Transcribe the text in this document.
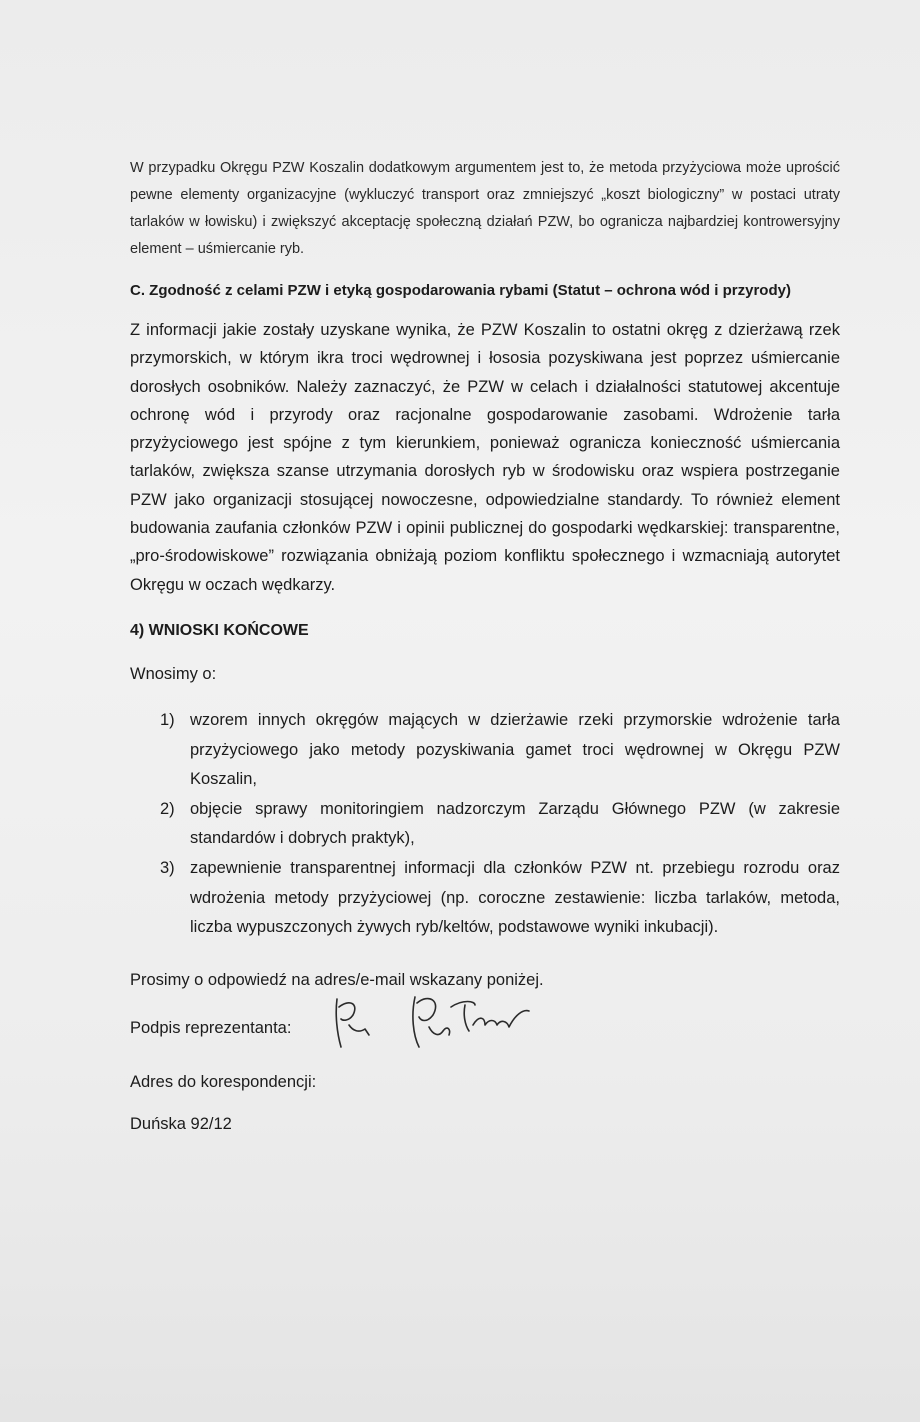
W przypadku Okręgu PZW Koszalin dodatkowym argumentem jest to, że metoda przyżyciowa może uprościć pewne elementy organizacyjne (wykluczyć transport oraz zmniejszyć „koszt biologiczny” w postaci utraty tarlaków w łowisku) i zwiększyć akceptację społeczną działań PZW, bo ogranicza najbardziej kontrowersyjny element – uśmiercanie ryb.

C. Zgodność z celami PZW i etyką gospodarowania rybami (Statut – ochrona wód i przyrody)

Z informacji jakie zostały uzyskane wynika, że PZW Koszalin to ostatni okręg z dzierżawą rzek przymorskich, w którym ikra troci wędrownej i łososia pozyskiwana jest poprzez uśmiercanie dorosłych osobników. Należy zaznaczyć, że PZW w celach i działalności statutowej akcentuje ochronę wód i przyrody oraz racjonalne gospodarowanie zasobami. Wdrożenie tarła przyżyciowego jest spójne z tym kierunkiem, ponieważ ogranicza konieczność uśmiercania tarlaków, zwiększa szanse utrzymania dorosłych ryb w środowisku oraz wspiera postrzeganie PZW jako organizacji stosującej nowoczesne, odpowiedzialne standardy. To również element budowania zaufania członków PZW i opinii publicznej do gospodarki wędkarskiej: transparentne, „pro-środowiskowe” rozwiązania obniżają poziom konfliktu społecznego i wzmacniają autorytet Okręgu w oczach wędkarzy.

4) WNIOSKI KOŃCOWE

Wnosimy o:

1) wzorem innych okręgów mających w dzierżawie rzeki przymorskie wdrożenie tarła przyżyciowego jako metody pozyskiwania gamet troci wędrownej w Okręgu PZW Koszalin,
2) objęcie sprawy monitoringiem nadzorczym Zarządu Głównego PZW (w zakresie standardów i dobrych praktyk),
3) zapewnienie transparentnej informacji dla członków PZW nt. przebiegu rozrodu oraz wdrożenia metody przyżyciowej (np. coroczne zestawienie: liczba tarlaków, metoda, liczba wypuszczonych żywych ryb/keltów, podstawowe wyniki inkubacji).

Prosimy o odpowiedź na adres/e-mail wskazany poniżej.

Podpis reprezentanta:

Adres do korespondencji:

Duńska 92/12
